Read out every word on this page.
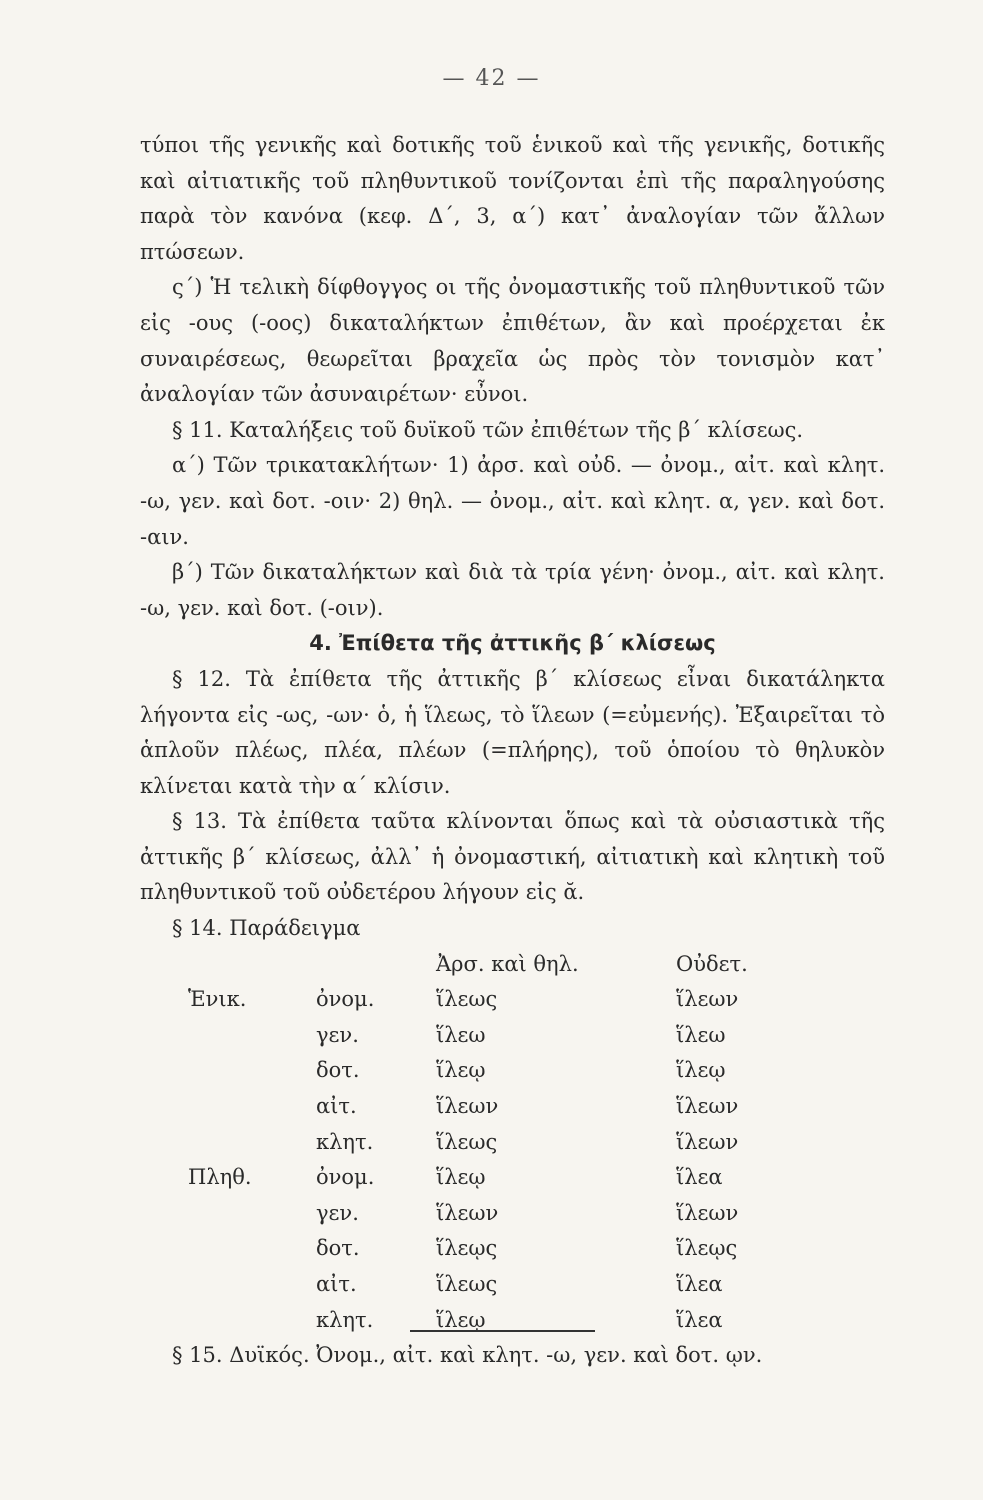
— 42 —

τύποι τῆς γενικῆς καὶ δοτικῆς τοῦ ἑνικοῦ καὶ τῆς γενικῆς, δοτικῆς καὶ αἰτιατικῆς τοῦ πληθυντικοῦ τονίζονται ἐπὶ τῆς παραληγούσης παρὰ τὸν κανόνα (κεφ. Δ΄, 3, α΄) κατ᾽ ἀναλογίαν τῶν ἄλλων πτώσεων.

ς΄) Ἡ τελικὴ δίφθογγος οι τῆς ὀνομαστικῆς τοῦ πληθυντικοῦ τῶν εἰς -ους (-οος) δικαταλήκτων ἐπιθέτων, ἂν καὶ προέρχεται ἐκ συναιρέσεως, θεωρεῖται βραχεῖα ὡς πρὸς τὸν τονισμὸν κατ᾽ ἀναλογίαν τῶν ἀσυναιρέτων· εὖνοι.

§ 11. Καταλήξεις τοῦ δυϊκοῦ τῶν ἐπιθέτων τῆς β΄ κλίσεως.

α΄) Τῶν τρικατακλήτων· 1) ἀρσ. καὶ οὐδ. — ὀνομ., αἰτ. καὶ κλητ. -ω, γεν. καὶ δοτ. -οιν· 2) θηλ. — ὀνομ., αἰτ. καὶ κλητ. α, γεν. καὶ δοτ. -αιν.

β΄) Τῶν δικαταλήκτων καὶ διὰ τὰ τρία γένη· ὀνομ., αἰτ. καὶ κλητ. -ω, γεν. καὶ δοτ. (-οιν).

4. Ἐπίθετα τῆς ἀττικῆς β΄ κλίσεως

§ 12. Τὰ ἐπίθετα τῆς ἀττικῆς β΄ κλίσεως εἶναι δικατάληκτα λήγοντα εἰς -ως, -ων· ὁ, ἡ ἵλεως, τὸ ἵλεων (=εὐμενής). Ἐξαιρεῖται τὸ ἁπλοῦν πλέως, πλέα, πλέων (=πλήρης), τοῦ ὁποίου τὸ θηλυκὸν κλίνεται κατὰ τὴν α΄ κλίσιν.

§ 13. Τὰ ἐπίθετα ταῦτα κλίνονται ὅπως καὶ τὰ οὐσιαστικὰ τῆς ἀττικῆς β΄ κλίσεως, ἀλλ᾽ ἡ ὀνομαστική, αἰτιατικὴ καὶ κλητικὴ τοῦ πληθυντικοῦ τοῦ οὐδετέρου λήγουν εἰς ᾰ.

§ 14. Παράδειγμα

		Ἀρσ. καὶ θηλ.	Οὐδετ.
Ἑνικ.	ὀνομ.	ἵλεως	ἵλεων
	γεν.	ἵλεω	ἵλεω
	δοτ.	ἵλεῳ	ἵλεῳ
	αἰτ.	ἵλεων	ἵλεων
	κλητ.	ἵλεως	ἵλεων
Πληθ.	ὀνομ.	ἵλεῳ	ἵλεα
	γεν.	ἵλεων	ἵλεων
	δοτ.	ἵλεῳς	ἵλεῳς
	αἰτ.	ἵλεως	ἵλεα
	κλητ.	ἵλεῳ	ἵλεα

§ 15. Δυϊκός. Ὀνομ., αἰτ. καὶ κλητ. -ω, γεν. καὶ δοτ. ῳν.
